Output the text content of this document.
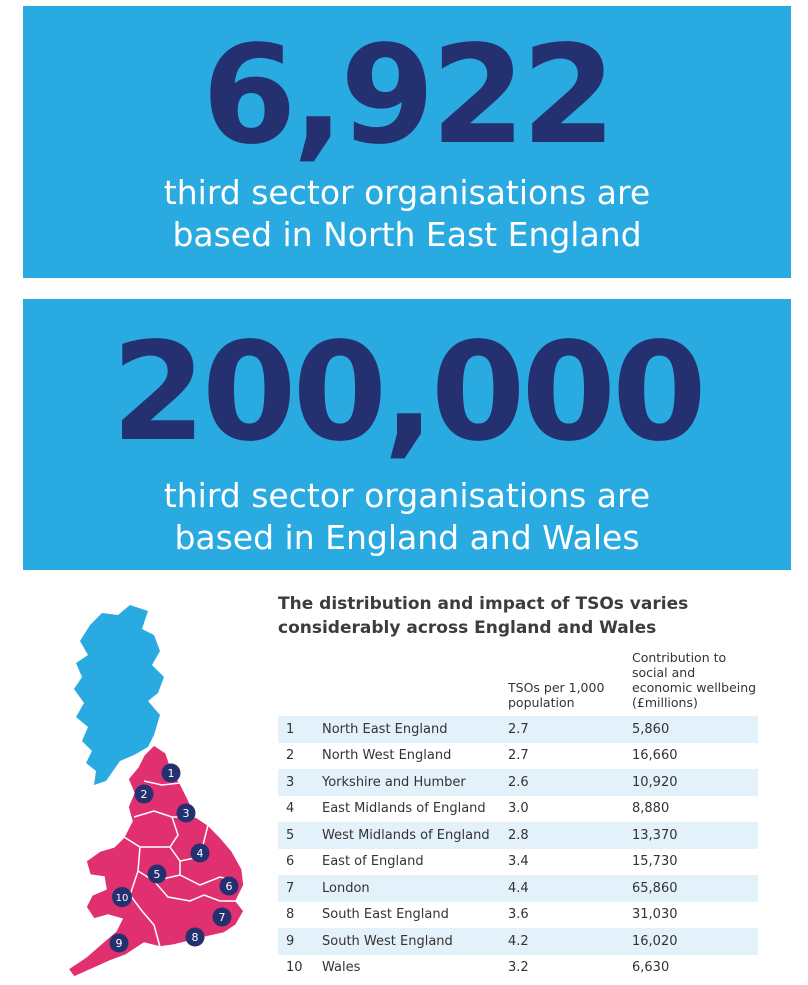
6,922
third sector organisations are based in North East England
200,000
third sector organisations are based in England and Wales
1
2
3
4
5
6
10
7
8
9
The distribution and impact of TSOs varies considerably across England and Wales
		TSOs per 1,000 population	Contribution to social and economic wellbeing (£millions)
1	North East England	2.7	5,860
2	North West England	2.7	16,660
3	Yorkshire and Humber	2.6	10,920
4	East Midlands of England	3.0	8,880
5	West Midlands of England	2.8	13,370
6	East of England	3.4	15,730
7	London	4.4	65,860
8	South East England	3.6	31,030
9	South West England	4.2	16,020
10	Wales	3.2	6,630
